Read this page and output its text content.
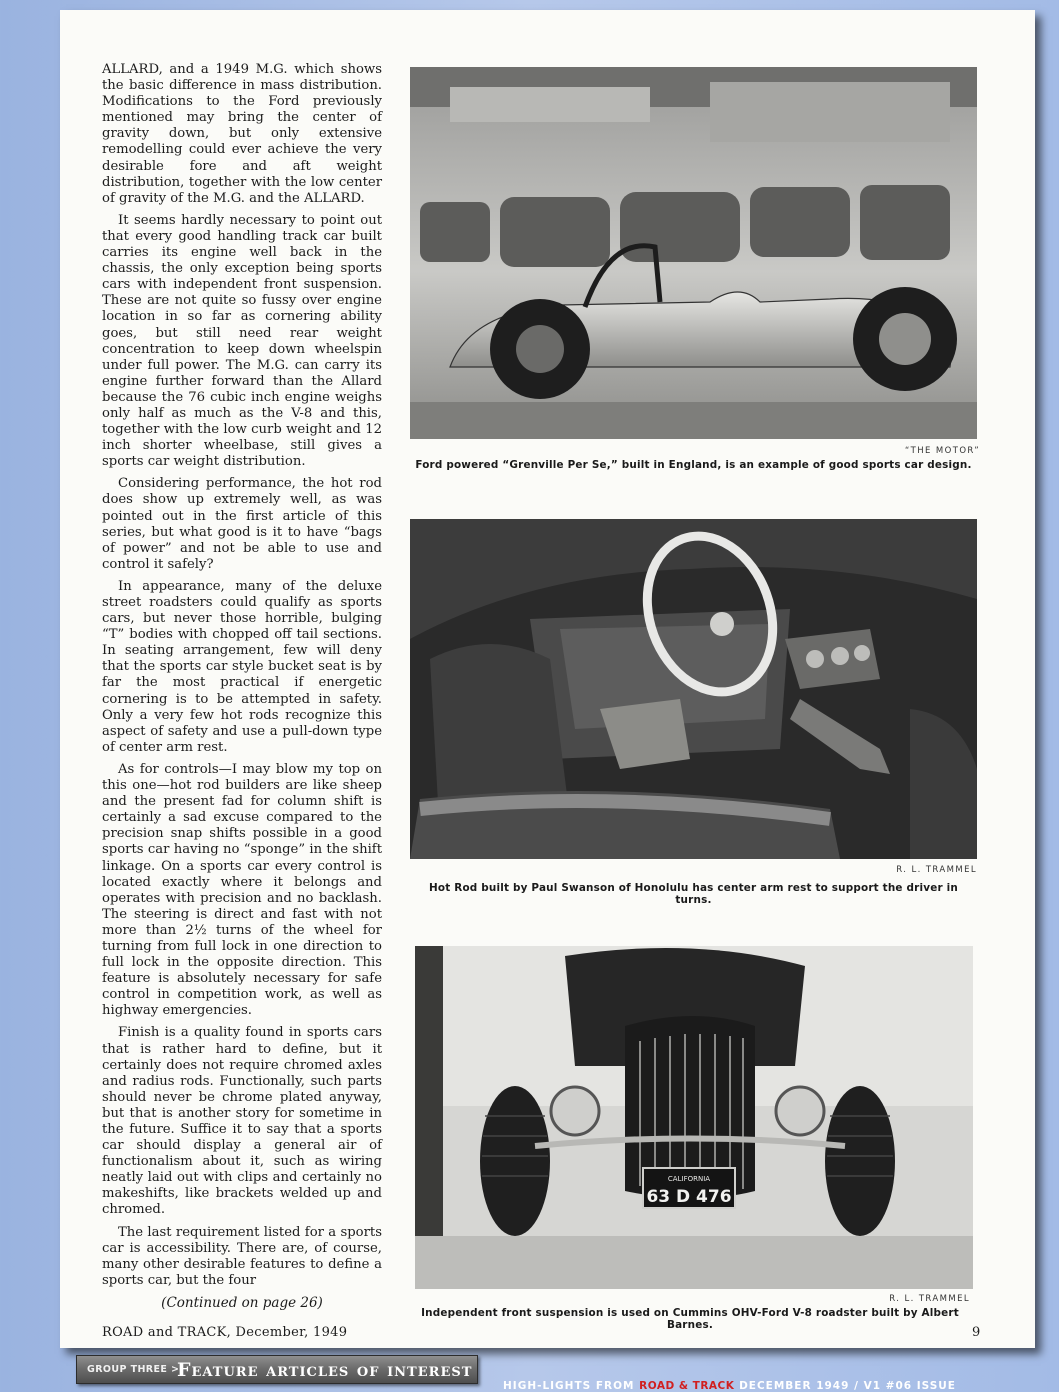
ALLARD, and a 1949 M.G. which shows the basic difference in mass distribution. Modifications to the Ford previously mentioned may bring the center of gravity down, but only extensive remodelling could ever achieve the very desirable fore and aft weight distribution, together with the low center of gravity of the M.G. and the ALLARD.

It seems hardly necessary to point out that every good handling track car built carries its engine well back in the chassis, the only exception being sports cars with independent front suspension. These are not quite so fussy over engine location in so far as cornering ability goes, but still need rear weight concentration to keep down wheelspin under full power. The M.G. can carry its engine further forward than the Allard because the 76 cubic inch engine weighs only half as much as the V-8 and this, together with the low curb weight and 12 inch shorter wheelbase, still gives a sports car weight distribution.

Considering performance, the hot rod does show up extremely well, as was pointed out in the first article of this series, but what good is it to have “bags of power” and not be able to use and control it safely?

In appearance, many of the deluxe street roadsters could qualify as sports cars, but never those horrible, bulging “T” bodies with chopped off tail sections. In seating arrangement, few will deny that the sports car style bucket seat is by far the most practical if energetic cornering is to be attempted in safety. Only a very few hot rods recognize this aspect of safety and use a pull-down type of center arm rest.

As for controls—I may blow my top on this one—hot rod builders are like sheep and the present fad for column shift is certainly a sad excuse compared to the precision snap shifts possible in a good sports car having no “sponge” in the shift linkage. On a sports car every control is located exactly where it belongs and operates with precision and no backlash. The steering is direct and fast with not more than 2½ turns of the wheel for turning from full lock in one direction to full lock in the opposite direction. This feature is absolutely necessary for safe control in competition work, as well as highway emergencies.

Finish is a quality found in sports cars that is rather hard to define, but it certainly does not require chromed axles and radius rods. Functionally, such parts should never be chrome plated anyway, but that is another story for sometime in the future. Suffice it to say that a sports car should display a general air of functionalism about it, such as wiring neatly laid out with clips and certainly no makeshifts, like brackets welded up and chromed.

The last requirement listed for a sports car is accessibility. There are, of course, many other desirable features to define a sports car, but the four

(Continued on page 26)
“THE MOTOR”
Ford powered “Grenville Per Se,” built in England, is an example of good sports car design.
R. L. TRAMMEL
Hot Rod built by Paul Swanson of Honolulu has center arm rest to support the driver in turns.
CALIFORNIA
63 D 476
R. L. TRAMMEL
Independent front suspension is used on Cummins OHV-Ford V-8 roadster built by Albert Barnes.
ROAD and TRACK, December, 1949	9
GROUP THREE >
Feature articles of interest
HIGH-LIGHTS FROM ROAD & TRACK DECEMBER 1949 / V1 #06 ISSUE
